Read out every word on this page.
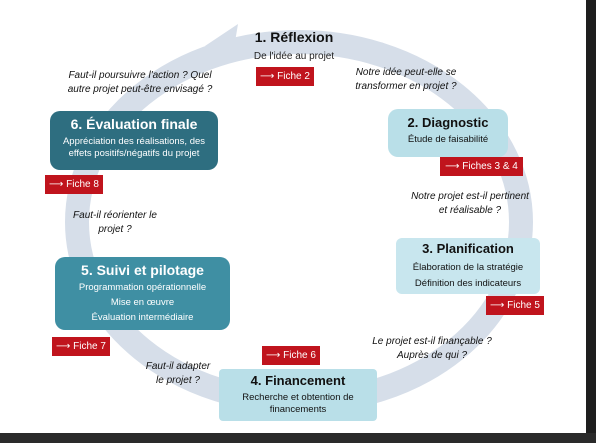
1. Réflexion
De l'idée au projet
⟶ Fiche 2
2. Diagnostic
Étude de faisabilité
⟶ Fiches 3 & 4
3. Planification
Élaboration de la stratégie
Définition des indicateurs
⟶ Fiche 5
4. Financement
Recherche et obtention de
financements
⟶ Fiche 6
5. Suivi et pilotage
Programmation opérationnelle
Mise en œuvre
Évaluation intermédiaire
⟶ Fiche 7
6. Évaluation finale
Appréciation des réalisations, des
effets positifs/négatifs du projet
⟶ Fiche 8
Notre idée peut-elle se
transformer en projet ?
Notre projet est-il pertinent
et réalisable ?
Le projet est-il finançable ?
Auprès de qui ?
Faut-il adapter
le projet ?
Faut-il réorienter le
projet ?
Faut-il poursuivre l'action ? Quel
autre projet peut-être envisagé ?
